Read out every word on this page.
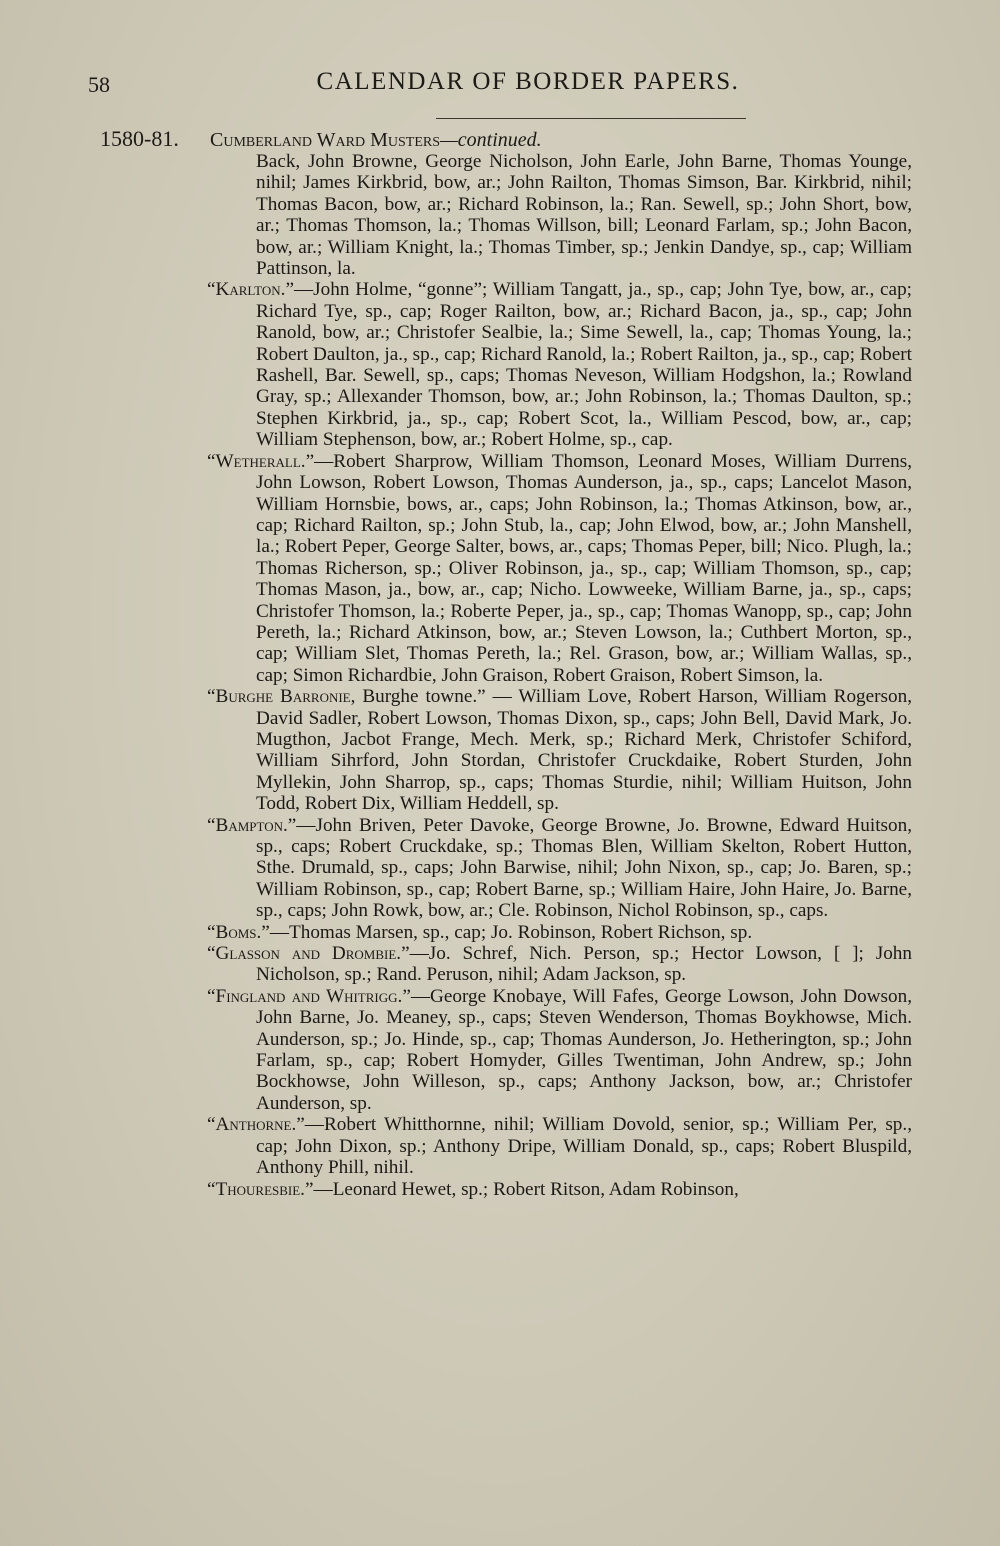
58	CALENDAR OF BORDER PAPERS.
1580-81. Cumberland Ward Musters—continued.

Back, John Browne, George Nicholson, John Earle, John Barne, Thomas Younge, nihil; James Kirkbrid, bow, ar.; John Railton, Thomas Simson, Bar. Kirkbrid, nihil; Thomas Bacon, bow, ar.; Richard Robinson, la.; Ran. Sewell, sp.; John Short, bow, ar.; Thomas Thomson, la.; Thomas Willson, bill; Leonard Farlam, sp.; John Bacon, bow, ar.; William Knight, la.; Thomas Timber, sp.; Jenkin Dandye, sp., cap; William Pattinson, la.

“Karlton.”—John Holme, “gonne”; William Tangatt, ja., sp., cap; John Tye, bow, ar., cap; Richard Tye, sp., cap; Roger Railton, bow, ar.; Richard Bacon, ja., sp., cap; John Ranold, bow, ar.; Christofer Sealbie, la.; Sime Sewell, la., cap; Thomas Young, la.; Robert Daulton, ja., sp., cap; Richard Ranold, la.; Robert Railton, ja., sp., cap; Robert Rashell, Bar. Sewell, sp., caps; Thomas Neveson, William Hodgshon, la.; Rowland Gray, sp.; Allexander Thomson, bow, ar.; John Robinson, la.; Thomas Daulton, sp.; Stephen Kirkbrid, ja., sp., cap; Robert Scot, la., William Pescod, bow, ar., cap; William Stephenson, bow, ar.; Robert Holme, sp., cap.

“Wetherall.”—Robert Sharprow, William Thomson, Leonard Moses, William Durrens, John Lowson, Robert Lowson, Thomas Aunderson, ja., sp., caps; Lancelot Mason, William Hornsbie, bows, ar., caps; John Robinson, la.; Thomas Atkinson, bow, ar., cap; Richard Railton, sp.; John Stub, la., cap; John Elwod, bow, ar.; John Manshell, la.; Robert Peper, George Salter, bows, ar., caps; Thomas Peper, bill; Nico. Plugh, la.; Thomas Richerson, sp.; Oliver Robinson, ja., sp., cap; William Thomson, sp., cap; Thomas Mason, ja., bow, ar., cap; Nicho. Lowweeke, William Barne, ja., sp., caps; Christofer Thomson, la.; Roberte Peper, ja., sp., cap; Thomas Wanopp, sp., cap; John Pereth, la.; Richard Atkinson, bow, ar.; Steven Lowson, la.; Cuthbert Morton, sp., cap; William Slet, Thomas Pereth, la.; Rel. Grason, bow, ar.; William Wallas, sp., cap; Simon Richardbie, John Graison, Robert Graison, Robert Simson, la.

“Burghe Barronie, Burghe towne.” — William Love, Robert Harson, William Rogerson, David Sadler, Robert Lowson, Thomas Dixon, sp., caps; John Bell, David Mark, Jo. Mugthon, Jacbot Frange, Mech. Merk, sp.; Richard Merk, Christofer Schiford, William Sihrford, John Stordan, Christofer Cruckdaike, Robert Sturden, John Myllekin, John Sharrop, sp., caps; Thomas Sturdie, nihil; William Huitson, John Todd, Robert Dix, William Heddell, sp.

“Bampton.”—John Briven, Peter Davoke, George Browne, Jo. Browne, Edward Huitson, sp., caps; Robert Cruckdake, sp.; Thomas Blen, William Skelton, Robert Hutton, Sthe. Drumald, sp., caps; John Barwise, nihil; John Nixon, sp., cap; Jo. Baren, sp.; William Robinson, sp., cap; Robert Barne, sp.; William Haire, John Haire, Jo. Barne, sp., caps; John Rowk, bow, ar.; Cle. Robinson, Nichol Robinson, sp., caps.

“Boms.”—Thomas Marsen, sp., cap; Jo. Robinson, Robert Richson, sp.

“Glasson and Drombie.”—Jo. Schref, Nich. Person, sp.; Hector Lowson, [ ]; John Nicholson, sp.; Rand. Peruson, nihil; Adam Jackson, sp.

“Fingland and Whitrigg.”—George Knobaye, Will Fafes, George Lowson, John Dowson, John Barne, Jo. Meaney, sp., caps; Steven Wenderson, Thomas Boykhowse, Mich. Aunderson, sp.; Jo. Hinde, sp., cap; Thomas Aunderson, Jo. Hetherington, sp.; John Farlam, sp., cap; Robert Homyder, Gilles Twentiman, John Andrew, sp.; John Bockhowse, John Willeson, sp., caps; Anthony Jackson, bow, ar.; Christofer Aunderson, sp.

“Anthorne.”—Robert Whitthornne, nihil; William Dovold, senior, sp.; William Per, sp., cap; John Dixon, sp.; Anthony Dripe, William Donald, sp., caps; Robert Bluspild, Anthony Phill, nihil.

“Thouresbie.”—Leonard Hewet, sp.; Robert Ritson, Adam Robinson,
